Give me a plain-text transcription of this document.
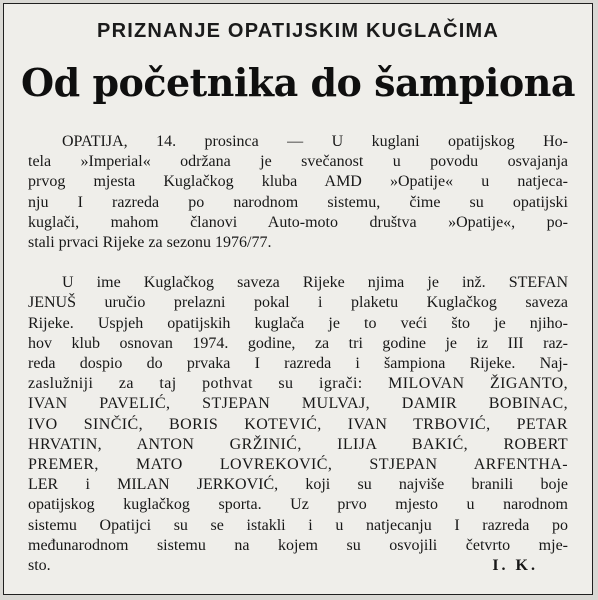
PRIZNANJE OPATIJSKIM KUGLAČIMA
Od početnika do šampiona
OPATIJA, 14. prosinca — U kuglani opatijskog Ho-
tela »Imperial« održana je svečanost u povodu osvajanja
prvog mjesta Kuglačkog kluba AMD »Opatije« u natjeca-
nju I razreda po narodnom sistemu, čime su opatijski
kuglači, mahom članovi Auto-moto društva »Opatije«, po-
stali prvaci Rijeke za sezonu 1976/77.
U ime Kuglačkog saveza Rijeke njima je inž. STEFAN
JENUŠ uručio prelazni pokal i plaketu Kuglačkog saveza
Rijeke. Uspjeh opatijskih kuglača je to veći što je njiho-
hov klub osnovan 1974. godine, za tri godine je iz III raz-
reda dospio do prvaka I razreda i šampiona Rijeke. Naj-
zaslužniji za taj pothvat su igrači: MILOVAN ŽIGANTO,
IVAN PAVELIĆ, STJEPAN MULVAJ, DAMIR BOBINAC,
IVO SINČIĆ, BORIS KOTEVIĆ, IVAN TRBOVIĆ, PETAR
HRVATIN, ANTON GRŽINIĆ, ILIJA BAKIĆ, ROBERT
PREMER, MATO LOVREKOVIĆ, STJEPAN ARFENTHA-
LER i MILAN JERKOVIĆ, koji su najviše branili boje
opatijskog kuglačkog sporta. Uz prvo mjesto u narodnom
sistemu Opatijci su se istakli i u natjecanju I razreda po
međunarodnom sistemu na kojem su osvojili četvrto mje-
sto.	I. K.
